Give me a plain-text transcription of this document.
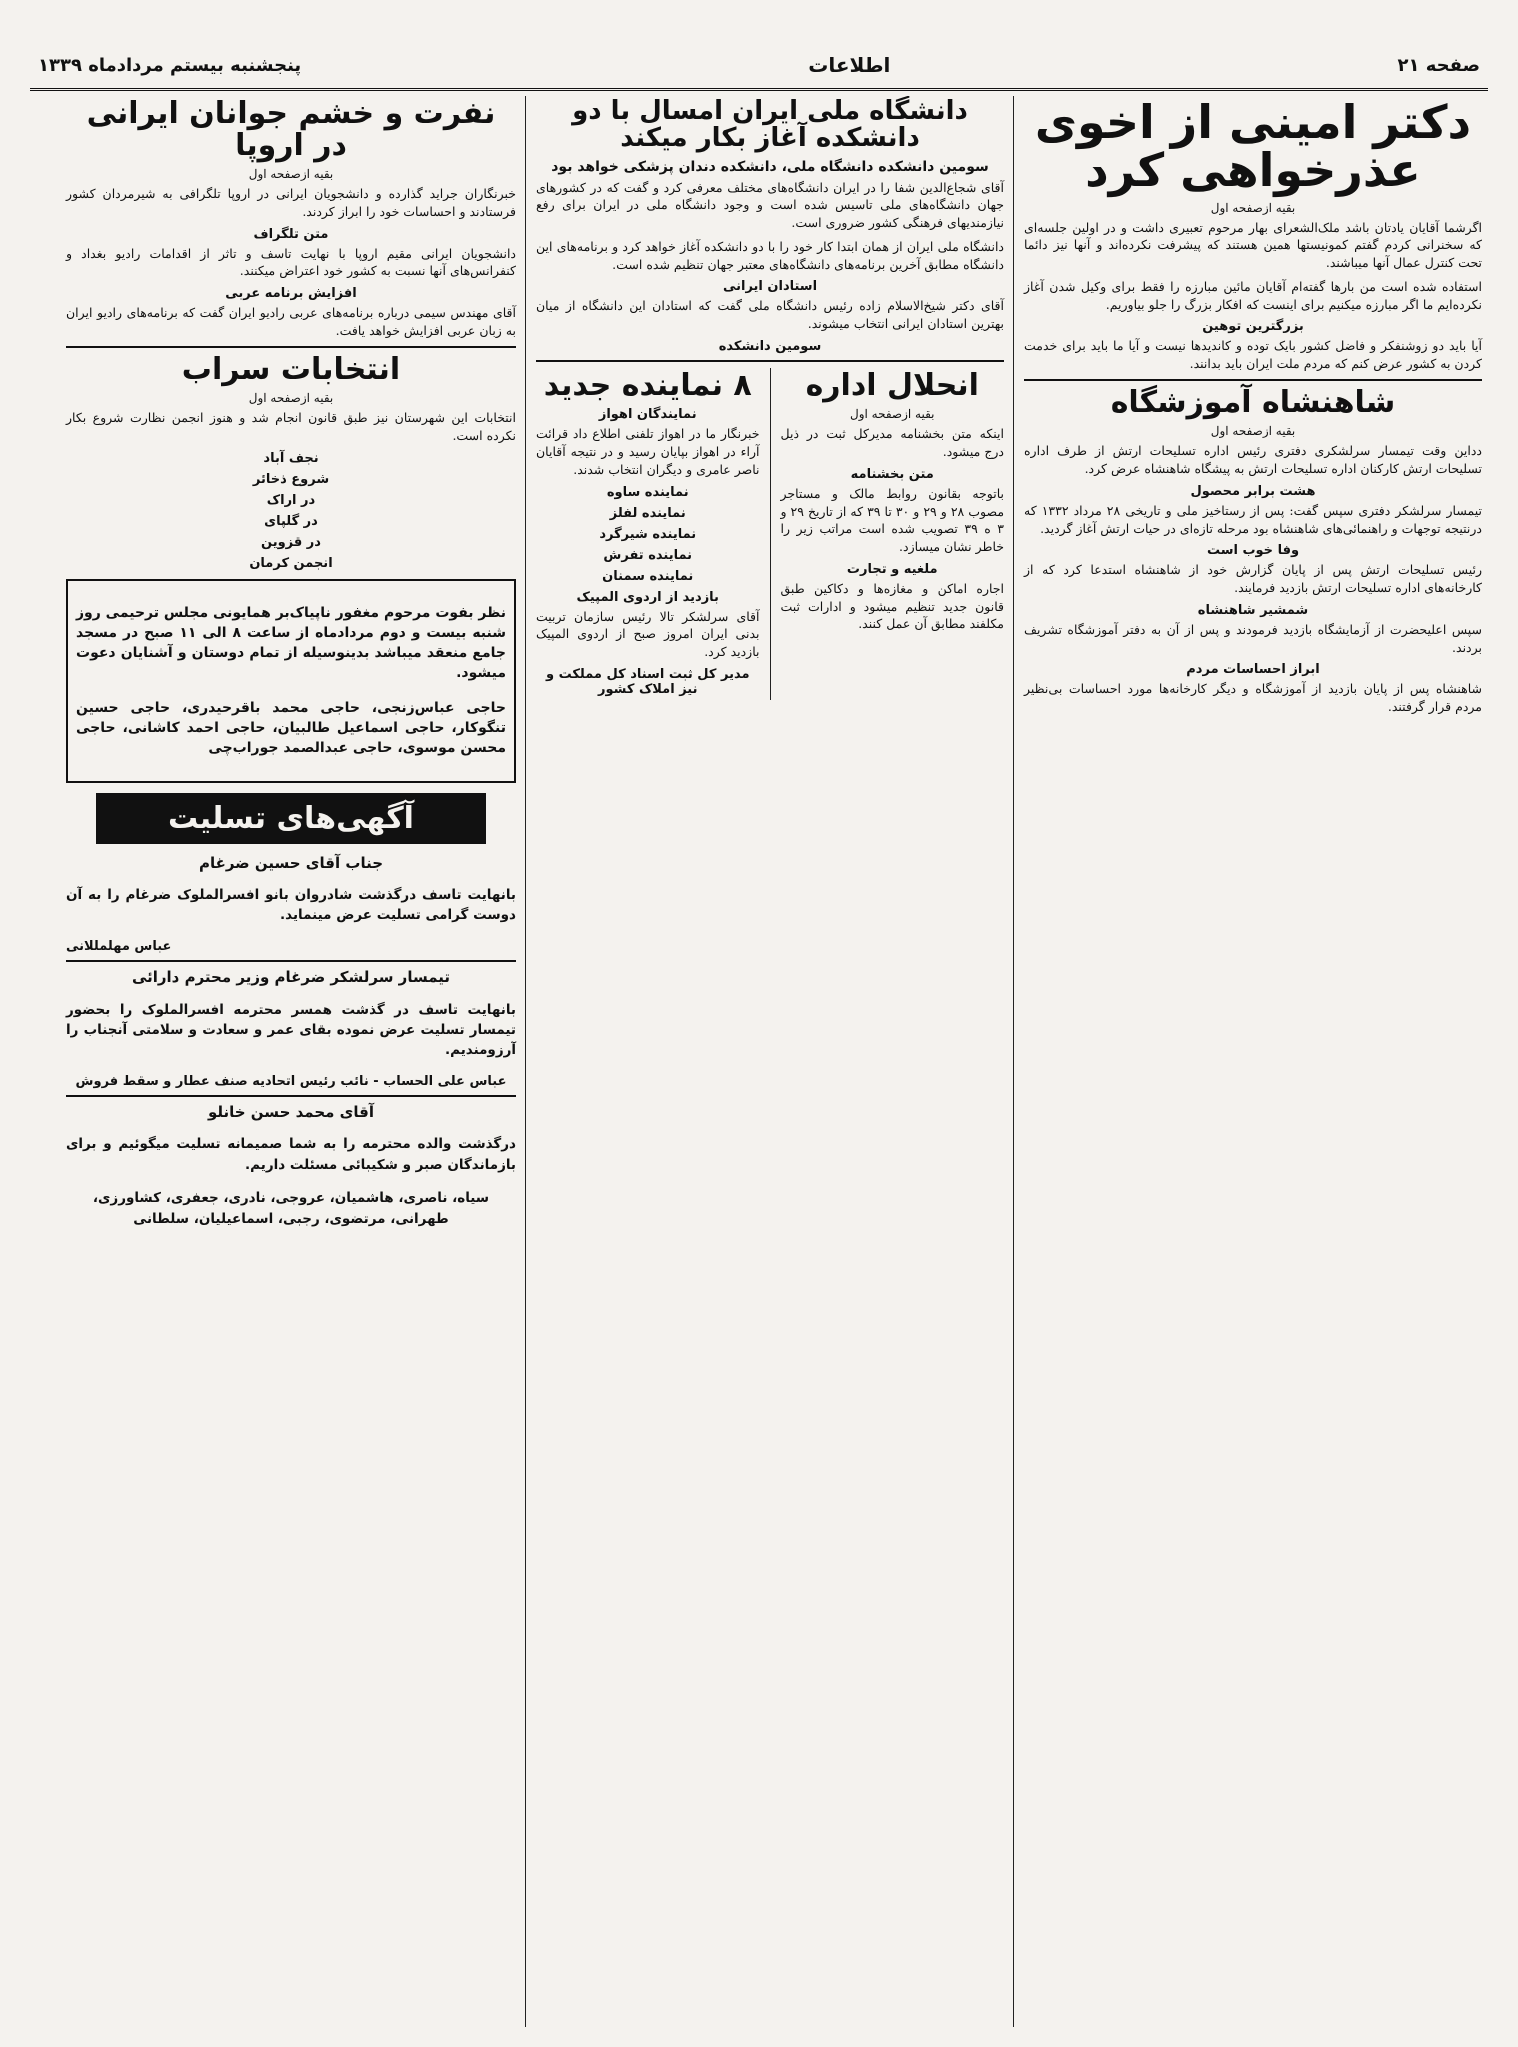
صفحه ۲۱
اطلاعات
پنجشنبه بیستم مردادماه ۱۳۳۹
دکتر امینی از اخوی عذرخواهی کرد
بقیه ازصفحه اول

اگرشما آقایان یادتان باشد ملک‌الشعرای بهار مرحوم تعبیری داشت و در اولین جلسه‌ای که سخنرانی کردم گفتم کمونیستها همین هستند که پیشرفت نکرده‌اند و آنها نیز دائما تحت کنترل عمال آنها میباشند.

استفاده شده است من بارها گفته‌ام آقایان مائین مبارزه را فقط برای وکیل شدن آغاز نکرده‌ایم ما اگر مبارزه میکنیم برای اینست که افکار بزرگ را جلو بیاوریم.

بزرگترین توهین

آیا باید دو زوشنفکر و فاضل کشور بایک توده و کاندیدها نیست و آیا ما باید برای خدمت کردن به کشور عرض کنم که مردم ملت ایران باید بدانند.

شاهنشاه آموزشگاه
بقیه ازصفحه اول

دداین وقت تیمسار سرلشکری دفتری رئیس اداره تسلیحات ارتش از طرف اداره تسلیحات ارتش کارکنان اداره تسلیحات ارتش به پیشگاه شاهنشاه عرض کرد.

هشت برابر محصول

تیمسار سرلشکر دفتری سپس گفت: پس از رستاخیز ملی و تاریخی ۲۸ مرداد ۱۳۳۲ که درنتیجه توجهات و راهنمائی‌های شاهنشاه بود مرحله تازه‌ای در حیات ارتش آغاز گردید.

وفا خوب است

رئیس تسلیحات ارتش پس از پایان گزارش خود از شاهنشاه استدعا کرد که از کارخانه‌های اداره تسلیحات ارتش بازدید فرمایند.

شمشیر شاهنشاه

سپس اعلیحضرت از آزمایشگاه بازدید فرمودند و پس از آن به دفتر آموزشگاه تشریف بردند.

ابراز احساسات مردم

شاهنشاه پس از پایان بازدید از آموزشگاه و دیگر کارخانه‌ها مورد احساسات بی‌نظیر مردم قرار گرفتند.

دانشگاه ملی ایران امسال با دو دانشکده آغاز بکار میکند
سومین دانشکده دانشگاه ملی، دانشکده دندان پزشکی خواهد بود

آقای شجاع‌الدین شفا را در ایران دانشگاه‌های مختلف معرفی کرد و گفت که در کشورهای جهان دانشگاه‌های ملی تاسیس شده است و وجود دانشگاه ملی در ایران برای رفع نیازمندیهای فرهنگی کشور ضروری است.

دانشگاه ملی ایران از همان ابتدا کار خود را با دو دانشکده آغاز خواهد کرد و برنامه‌های این دانشگاه مطابق آخرین برنامه‌های دانشگاه‌های معتبر جهان تنظیم شده است.

استادان ایرانی

آقای دکتر شیخ‌الاسلام زاده رئیس دانشگاه ملی گفت که استادان این دانشگاه از میان بهترین استادان ایرانی انتخاب میشوند.

سومین دانشکده
انحلال اداره
بقیه ازصفحه اول

اینکه متن بخشنامه مدیرکل ثبت در ذیل درج میشود.

متن بخشنامه

باتوجه بقانون روابط مالک و مستاجر مصوب ۲۸ و ۲۹ و ۳۰ تا ۳۹ که از تاریخ ۲۹ و ۳ ه ۳۹ تصویب شده است مراتب زیر را خاطر نشان میسازد.

ملغیه و تجارت

اجاره اماکن و مغازه‌ها و دکاکین طبق قانون جدید تنظیم میشود و ادارات ثبت مکلفند مطابق آن عمل کنند.

۸ نماینده جدید
نمایندگان اهواز

خبرنگار ما در اهواز تلفنی اطلاع داد قرائت آراء در اهواز بپایان رسید و در نتیجه آقایان ناصر عامری و دیگران انتخاب شدند.

نماینده ساوه
نماینده لفلز
نماینده شیرگرد
نماینده تفرش
نماینده سمنان
بازدید از اردوی المپیک

آقای سرلشکر تالا رئیس سازمان تربیت بدنی ایران امروز صبح از اردوی المپیک بازدید کرد.

مدیر کل ثبت اسناد کل مملکت و نیز املاک کشور
نفرت و خشم جوانان ایرانی در اروپا
بقیه ازصفحه اول

خبرنگاران جراید گذارده و دانشجویان ایرانی در اروپا تلگرافی به شیرمردان کشور فرستادند و احساسات خود را ابراز کردند.

متن تلگراف

دانشجویان ایرانی مقیم اروپا با نهایت تاسف و تاثر از اقدامات رادیو بغداد و کنفرانس‌های آنها نسبت به کشور خود اعتراض میکنند.

افزایش برنامه عربی

آقای مهندس سیمی درباره برنامه‌های عربی رادیو ایران گفت که برنامه‌های رادیو ایران به زبان عربی افزایش خواهد یافت.

انتخابات سراب
بقیه ازصفحه اول

انتخابات این شهرستان نیز طبق قانون انجام شد و هنوز انجمن نظارت شروع بکار نکرده است.

نجف آباد
شروع ذخائر
در اراک
در گلپای
در قزوین
انجمن کرمان

نظر بفوت مرحوم مغفور ناپیاک‌بر همایونی مجلس ترحیمی روز شنبه بیست و دوم مردادماه از ساعت ۸ الی ۱۱ صبح در مسجد جامع منعقد میباشد بدینوسیله از تمام دوستان و آشنایان دعوت میشود.

حاجی عباس‌زنجی، حاجی محمد باقرحیدری، حاجی حسین تنگوکار، حاجی اسماعیل طالبیان، حاجی احمد کاشانی، حاجی محسن موسوی، حاجی عبدالصمد جوراب‌چی

آگهی‌های تسلیت
جناب آقای حسین ضرغام

بانهایت تاسف درگذشت شادروان بانو افسرالملوک ضرغام را به آن دوست گرامی تسلیت عرض مینماید.

عباس مهلمللانی
تیمسار سرلشکر ضرغام وزیر محترم دارائی

بانهایت تاسف در گذشت همسر محترمه افسرالملوک را بحضور تیمسار تسلیت عرض نموده بقای عمر و سعادت و سلامتی آنجناب را آرزومندیم.

عباس علی الحساب - نائب رئیس اتحادیه صنف عطار و سقط فروش
آقای محمد حسن خانلو

درگذشت والده محترمه را به شما صمیمانه تسلیت میگوئیم و برای بازماندگان صبر و شکیبائی مسئلت داریم.

سیاه، ناصری، هاشمیان، عروجی، نادری، جعفری، کشاورزی، طهرانی، مرتضوی، رجبی، اسماعیلیان، سلطانی
